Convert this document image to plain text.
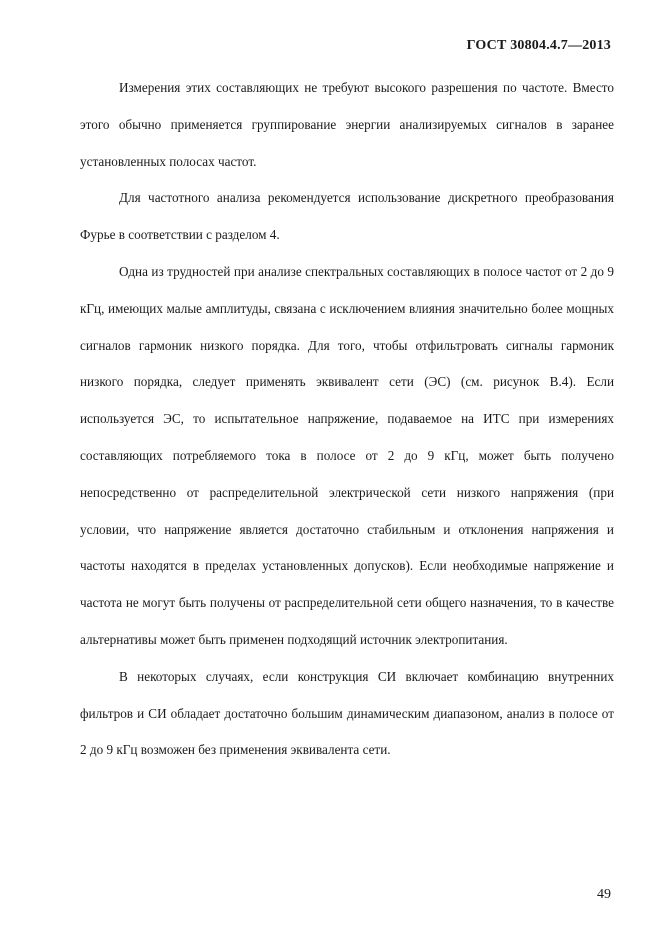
ГОСТ 30804.4.7—2013

Измерения этих составляющих не требуют высокого разрешения по частоте. Вместо этого обычно применяется группирование энергии анализируемых сигналов в заранее установленных полосах частот.

Для частотного анализа рекомендуется использование дискретного преобразования Фурье в соответствии с разделом 4.

Одна из трудностей при анализе спектральных составляющих в полосе частот от 2 до 9 кГц, имеющих малые амплитуды, связана с исключением влияния значительно более мощных сигналов гармоник низкого порядка. Для того, чтобы отфильтровать сигналы гармоник низкого порядка, следует применять эквивалент сети (ЭС) (см. рисунок В.4). Если используется ЭС, то испытательное напряжение, подаваемое на ИТС при измерениях составляющих потребляемого тока в полосе от 2 до 9 кГц, может быть получено непосредственно от распределительной электрической сети низкого напряжения (при условии, что напряжение является достаточно стабильным и отклонения напряжения и частоты находятся в пределах установленных допусков). Если необходимые напряжение и частота не могут быть получены от распределительной сети общего назначения, то в качестве альтернативы может быть применен подходящий источник электропитания.

В некоторых случаях, если конструкция СИ включает комбинацию внутренних фильтров и СИ обладает достаточно большим динамическим диапазоном, анализ в полосе от 2 до 9 кГц возможен без применения эквивалента сети.

49
